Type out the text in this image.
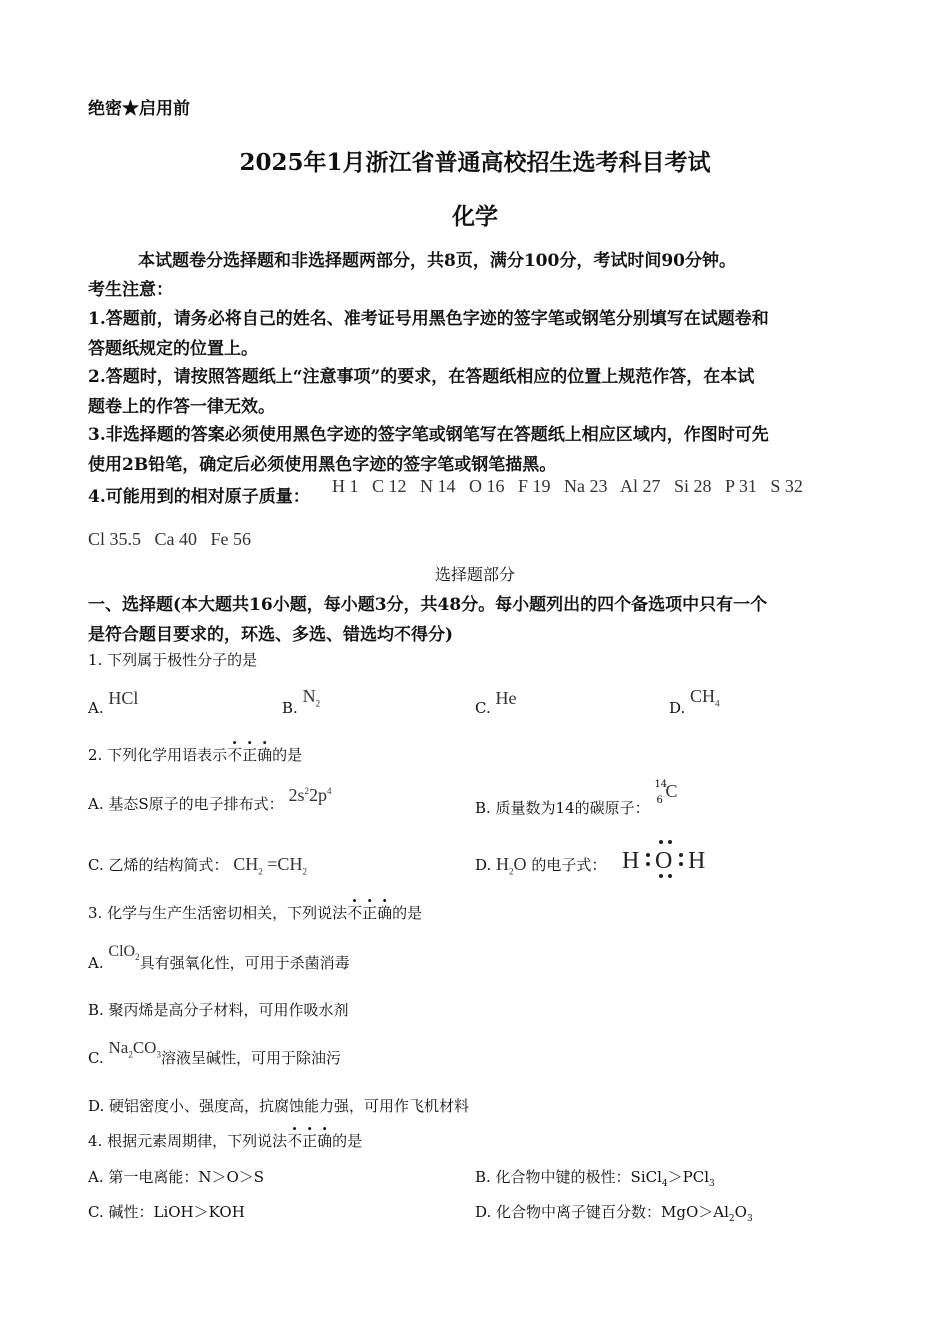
绝密★启用前
2025年1月浙江省普通高校招生选考科目考试
化学
本试题卷分选择题和非选择题两部分，共8页，满分100分，考试时间90分钟。
考生注意：
1.答题前，请务必将自己的姓名、准考证号用黑色字迹的签字笔或钢笔分别填写在试题卷和
答题纸规定的位置上。
2.答题时，请按照答题纸上“注意事项”的要求，在答题纸相应的位置上规范作答，在本试
题卷上的作答一律无效。
3.非选择题的答案必须使用黑色字迹的签字笔或钢笔写在答题纸上相应区域内，作图时可先
使用2B铅笔，确定后必须使用黑色字迹的签字笔或钢笔描黑。
4.可能用到的相对原子质量：
H 1   C 12   N 14   O 16   F 19   Na 23   Al 27   Si 28   P 31   S 32
Cl 35.5   Ca 40   Fe 56
选择题部分
一、选择题(本大题共16小题，每小题3分，共48分。每小题列出的四个备选项中只有一个
是符合题目要求的，环选、多选、错选均不得分)
1. 下列属于极性分子的是
A. HCl	B. $N_2$	C. He	D. $CH_4$
2. 下列化学用语表示不正确的是
A. 基态S原子的电子排布式： $2s^22p^4$
B. 质量数为14的碳原子：
14
6 C
C. 乙烯的结构简式： $CH_2 =CH_2$	D. $H_2O$ 的电子式： H O H
3. 化学与生产生活密切相关，下列说法不正确的是
A. ClO$_2$具有强氧化性，可用于杀菌消毒
B. 聚丙烯是高分子材料，可用作吸水剂
C. $Na_2CO_3$溶液呈碱性，可用于除油污
D. 硬铝密度小、强度高，抗腐蚀能力强，可用作飞机材料
4. 根据元素周期律，下列说法不正确的是
A. 第一电离能：N＞O＞S	B. 化合物中键的极性：SiCl$_4$＞PCl$_3$
C. 碱性：LiOH＞KOH	D. 化合物中离子键百分数：$MgO>Al_2O_3$
